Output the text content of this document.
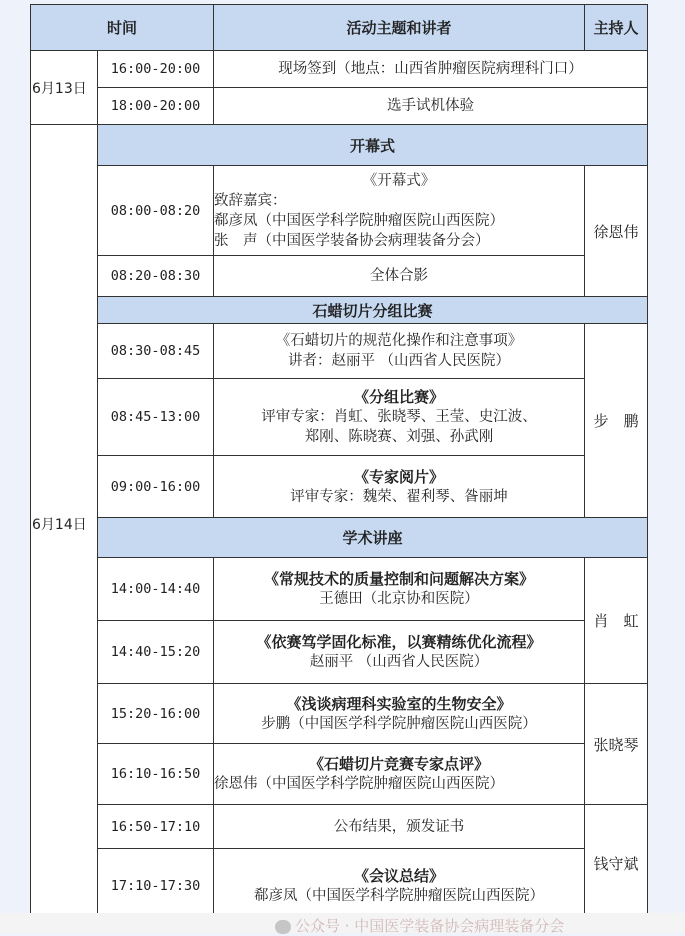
时间		活动主题和讲者	主持人
6月13日	16:00-20:00	现场签到（地点：山西省肿瘤医院病理科门口）	
	18:00-20:00	选手试机体验	
6月14日	开幕式		
	08:00-08:20	《开幕式》
致辞嘉宾：
郗彦凤（中国医学科学院肿瘤医院山西医院）
张　声（中国医学装备协会病理装备分会）	徐恩伟
	08:20-08:30	全体合影	
	石蜡切片分组比赛		
	08:30-08:45	《石蜡切片的规范化操作和注意事项》
讲者：赵丽平 （山西省人民医院）	步　鹏
	08:45-13:00	《分组比赛》
评审专家：肖虹、张晓琴、王莹、史江波、
郑刚、陈晓赛、刘强、孙武刚	

	09:00-16:00	《专家阅片》
评审专家：魏荣、翟利琴、昝丽坤	

	学术讲座		
	14:00-14:40	《常规技术的质量控制和问题解决方案》
王德田（北京协和医院）	肖　虹
	14:40-15:20	《依赛笃学固化标准，以赛精练优化流程》
赵丽平 （山西省人民医院）	

	15:20-16:00	《浅谈病理科实验室的生物安全》
步鹏（中国医学科学院肿瘤医院山西医院）	张晓琴
	16:10-16:50	《石蜡切片竞赛专家点评》
徐恩伟（中国医学科学院肿瘤医院山西医院）	

	16:50-17:10	公布结果，颁发证书	钱守斌
	17:10-17:30	《会议总结》
郗彦凤（中国医学科学院肿瘤医院山西医院）	
公众号 · 中国医学装备协会病理装备分会
